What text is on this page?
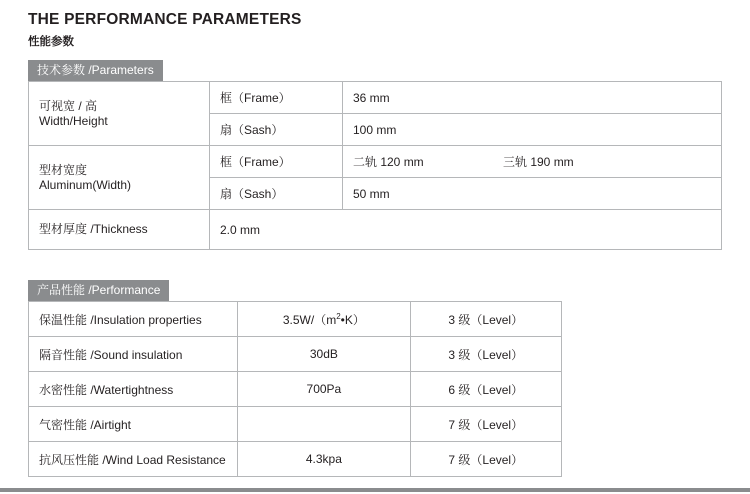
THE PERFORMANCE PARAMETERS
性能参数
技术参数 /Parameters
可视宽 / 高
Width/Height	框（Frame）	36 mm
	扇（Sash）	100 mm

型材宽度
Aluminum(Width)	框（Frame）	二轨 120 mm 三轨 190 mm
	扇（Sash）	50 mm
型材厚度 /Thickness	2.0 mm	
产品性能 /Performance
保温性能 /Insulation properties	$3.5W/(m^2•K)$	3 级（Level）
隔音性能 /Sound insulation	30dB	3 级（Level）
水密性能 /Watertightness	700Pa	6 级（Level）
气密性能 /Airtight		7 级（Level）
抗风压性能 /Wind Load Resistance	4.3kpa	7 级（Level）
